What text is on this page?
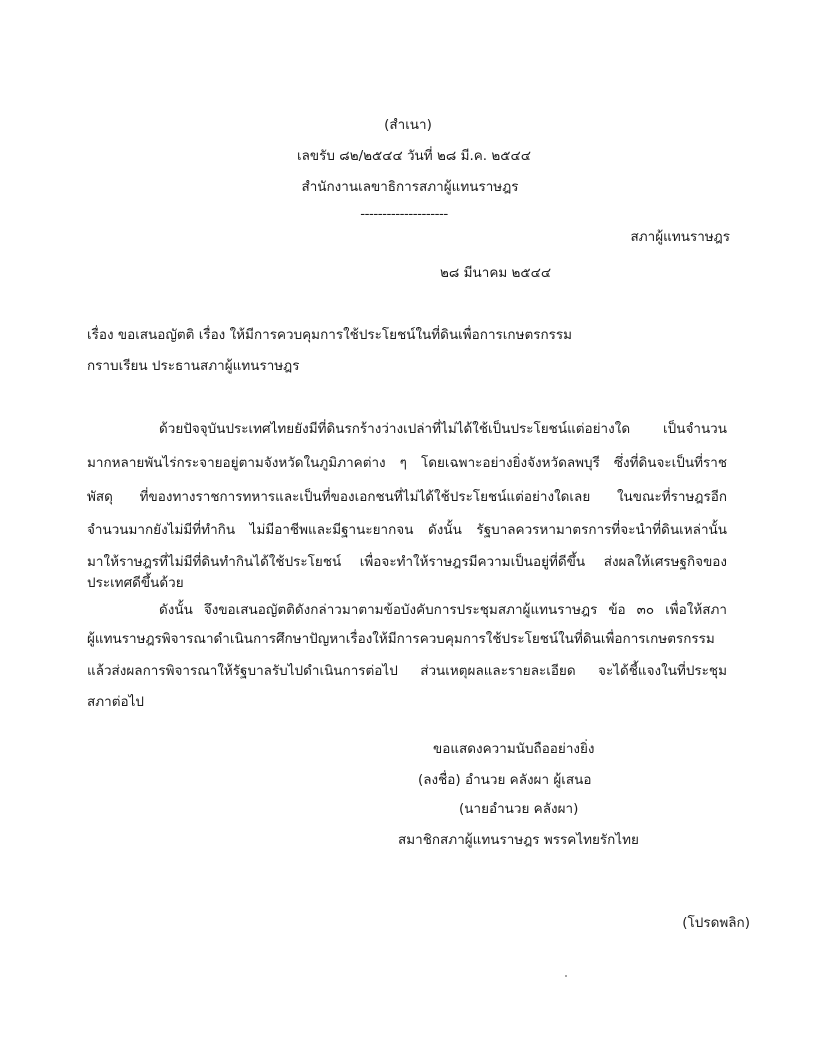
(สำเนา)
เลขรับ ๘๒/๒๕๔๔ วันที่ ๒๘ มี.ค. ๒๕๔๔
สำนักงานเลขาธิการสภาผู้แทนราษฎร
--------------------
สภาผู้แทนราษฎร
๒๘ มีนาคม ๒๕๔๔
เรื่อง ขอเสนอญัตติ เรื่อง ให้มีการควบคุมการใช้ประโยชน์ในที่ดินเพื่อการเกษตรกรรม
กราบเรียน ประธานสภาผู้แทนราษฎร
ด้วยปัจจุบันประเทศไทยยังมีที่ดินรกร้างว่างเปล่าที่ไม่ได้ใช้เป็นประโยชน์แต่อย่างใด เป็นจำนวน
มากหลายพันไร่กระจายอยู่ตามจังหวัดในภูมิภาคต่าง ๆ โดยเฉพาะอย่างยิ่งจังหวัดลพบุรี ซึ่งที่ดินจะเป็นที่ราช
พัสดุ ที่ของทางราชการทหารและเป็นที่ของเอกชนที่ไม่ได้ใช้ประโยชน์แต่อย่างใดเลย ในขณะที่ราษฎรอีก
จำนวนมากยังไม่มีที่ทำกิน ไม่มีอาชีพและมีฐานะยากจน ดังนั้น รัฐบาลควรหามาตรการที่จะนำที่ดินเหล่านั้น
มาให้ราษฎรที่ไม่มีที่ดินทำกินได้ใช้ประโยชน์ เพื่อจะทำให้ราษฎรมีความเป็นอยู่ที่ดีขึ้น ส่งผลให้เศรษฐกิจของ
ประเทศดีขึ้นด้วย
ดังนั้น จึงขอเสนอญัตติดังกล่าวมาตามข้อบังคับการประชุมสภาผู้แทนราษฎร ข้อ ๓๐ เพื่อให้สภา
ผู้แทนราษฎรพิจารณาดำเนินการศึกษาปัญหาเรื่องให้มีการควบคุมการใช้ประโยชน์ในที่ดินเพื่อการเกษตรกรรม
แล้วส่งผลการพิจารณาให้รัฐบาลรับไปดำเนินการต่อไป ส่วนเหตุผลและรายละเอียด จะได้ชี้แจงในที่ประชุม
สภาต่อไป
ขอแสดงความนับถืออย่างยิ่ง
(ลงชื่อ) อำนวย คลังผา ผู้เสนอ
(นายอำนวย คลังผา)
สมาชิกสภาผู้แทนราษฎร พรรคไทยรักไทย
(โปรดพลิก)
